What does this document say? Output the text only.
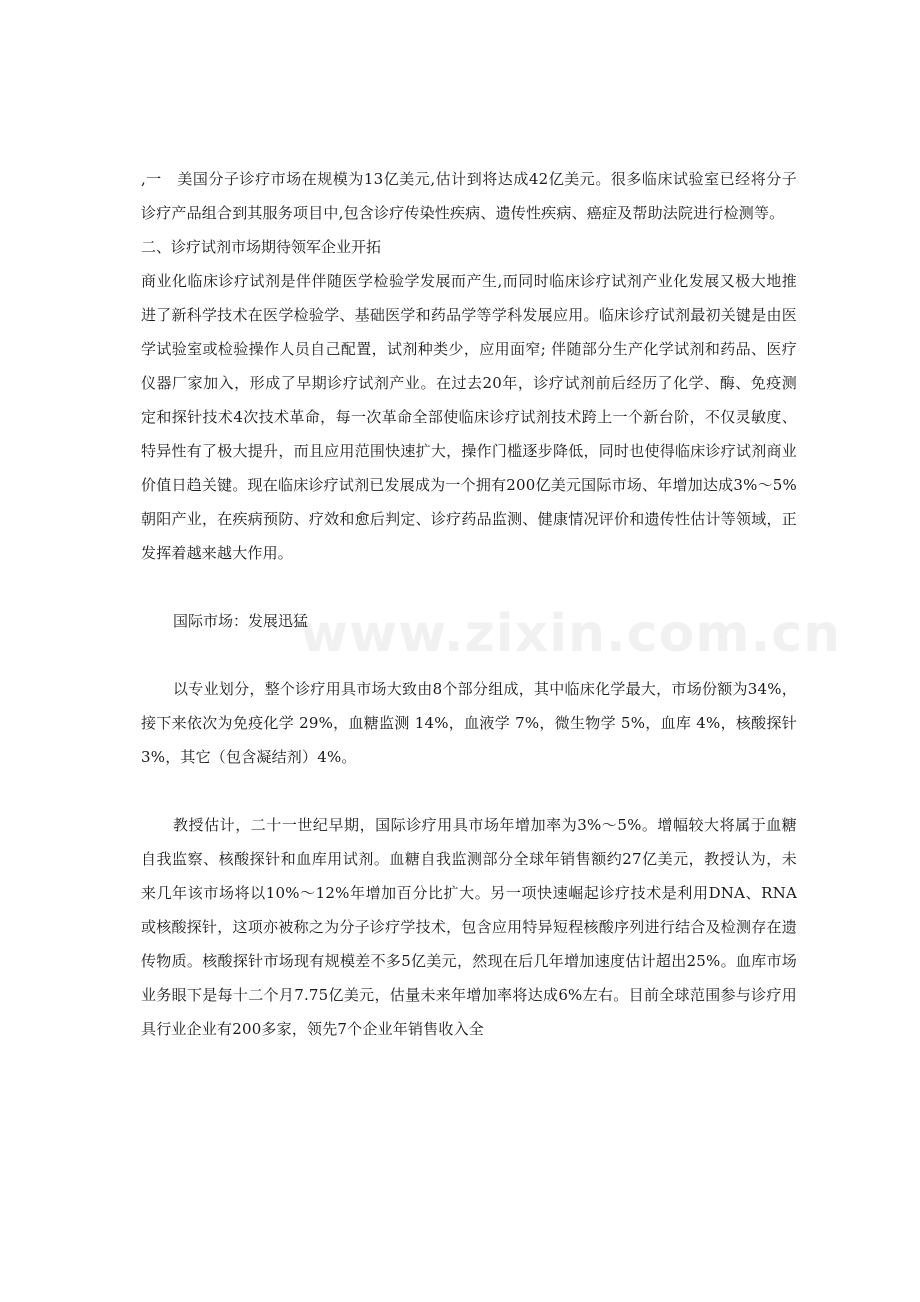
www.zixin.com.cn

,一　美国分子诊疗市场在规模为13亿美元,估计到将达成42亿美元。很多临床试验室已经将分子诊疗产品组合到其服务项目中,包含诊疗传染性疾病、遗传性疾病、癌症及帮助法院进行检测等。

二、诊疗试剂市场期待领军企业开拓

商业化临床诊疗试剂是伴伴随医学检验学发展而产生,而同时临床诊疗试剂产业化发展又极大地推进了新科学技术在医学检验学、基础医学和药品学等学科发展应用。临床诊疗试剂最初关键是由医学试验室或检验操作人员自己配置，试剂种类少，应用面窄; 伴随部分生产化学试剂和药品、医疗仪器厂家加入，形成了早期诊疗试剂产业。在过去20年，诊疗试剂前后经历了化学、酶、免疫测定和探针技术4次技术革命，每一次革命全部使临床诊疗试剂技术跨上一个新台阶，不仅灵敏度、特异性有了极大提升，而且应用范围快速扩大，操作门槛逐步降低，同时也使得临床诊疗试剂商业价值日趋关键。现在临床诊疗试剂已发展成为一个拥有200亿美元国际市场、年增加达成3%～5%朝阳产业，在疾病预防、疗效和愈后判定、诊疗药品监测、健康情况评价和遗传性估计等领域，正发挥着越来越大作用。

国际市场：发展迅猛

以专业划分，整个诊疗用具市场大致由8个部分组成，其中临床化学最大，市场份额为34%，接下来依次为免疫化学 29%，血糖监测 14%，血液学 7%，微生物学 5%，血库 4%，核酸探针 3%，其它（包含凝结剂）4%。

教授估计，二十一世纪早期，国际诊疗用具市场年增加率为3%～5%。增幅较大将属于血糖自我监察、核酸探针和血库用试剂。血糖自我监测部分全球年销售额约27亿美元，教授认为，未来几年该市场将以10%～12%年增加百分比扩大。另一项快速崛起诊疗技术是利用DNA、RNA或核酸探针，这项亦被称之为分子诊疗学技术，包含应用特异短程核酸序列进行结合及检测存在遗传物质。核酸探针市场现有规模差不多5亿美元，然现在后几年增加速度估计超出25%。血库市场业务眼下是每十二个月7.75亿美元，估量未来年增加率将达成6%左右。目前全球范围参与诊疗用具行业企业有200多家，领先7个企业年销售收入全
